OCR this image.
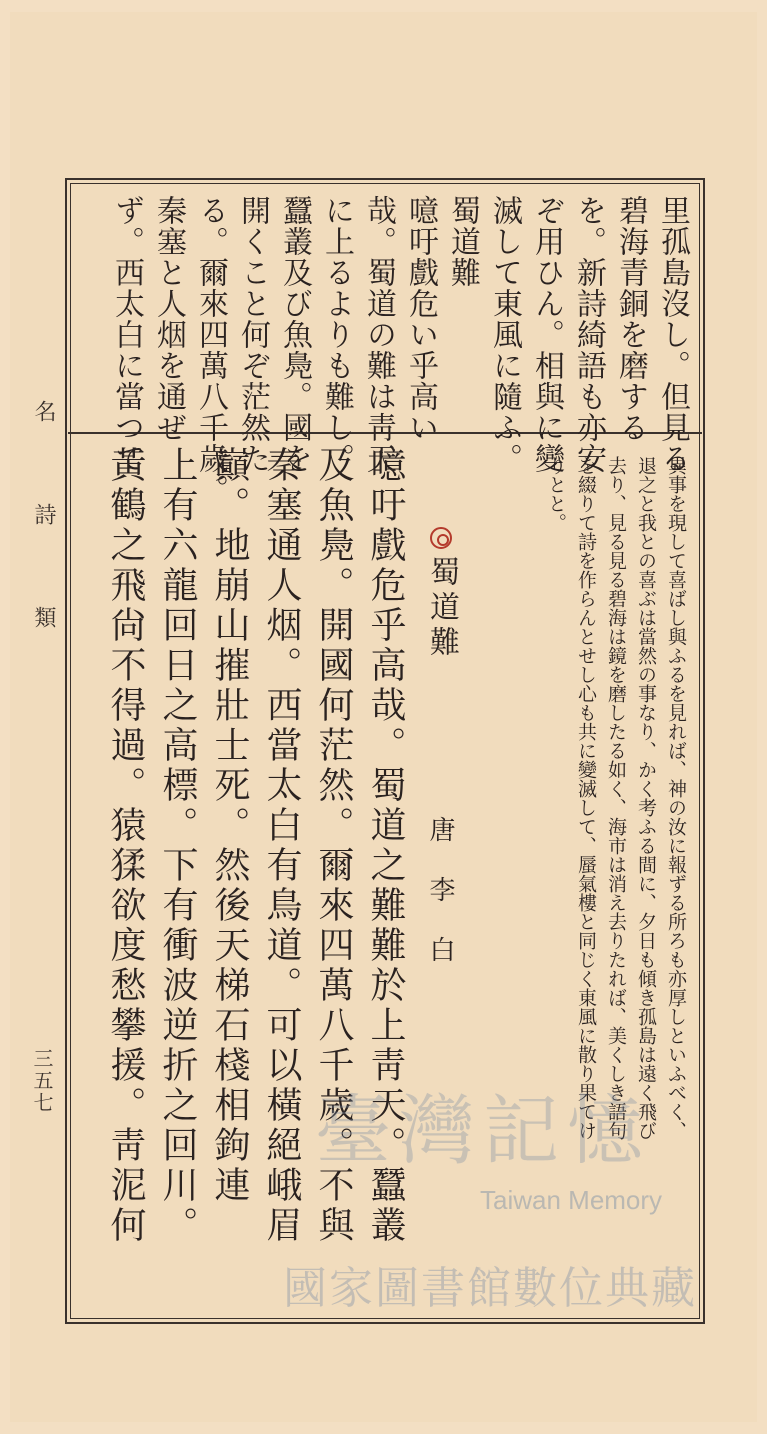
名 詩 類
三五七
里孤島沒し。但見る
碧海青銅を磨する
を。新詩綺語も亦安
ぞ用ひん。相與に變
滅して東風に隨ふ。
蜀道難
噫吁戲危い乎高い
哉。蜀道の難は靑天
に上るよりも難し。
蠶叢及び魚鳧。國を
開くこと何ぞ茫然た
る。爾來四萬八千歲。
秦塞と人烟を通ぜ
ず。西太白に當つて
異事を現して喜ばし與ふるを見れば、神の汝に報ずる所ろも亦厚しといふべく、
退之と我との喜ぶは當然の事なり、かく考ふる間に、夕日も傾き孤島は遠く飛び
去り、見る見る碧海は鏡を磨したる如く、海市は消え去りたれば、美くしき語句
を綴りて詩を作らんとせし心も共に變滅して、蜃氣樓と同じく東風に散り果てけ
りとと。
蜀道難
唐李白
噫吁戲危乎高哉。蜀道之難難於上靑天。蠶叢
及魚鳧。開國何茫然。爾來四萬八千歲。不與
秦塞通人烟。西當太白有鳥道。可以橫絕峨眉
巓。地崩山摧壯士死。然後天梯石棧相鉤連
上有六龍回日之高標。下有衝波逆折之回川。
黃鶴之飛尙不得過。猿猱欲度愁攀援。靑泥何 臺灣記憶
Taiwan Memory
國家圖書館數位典藏
